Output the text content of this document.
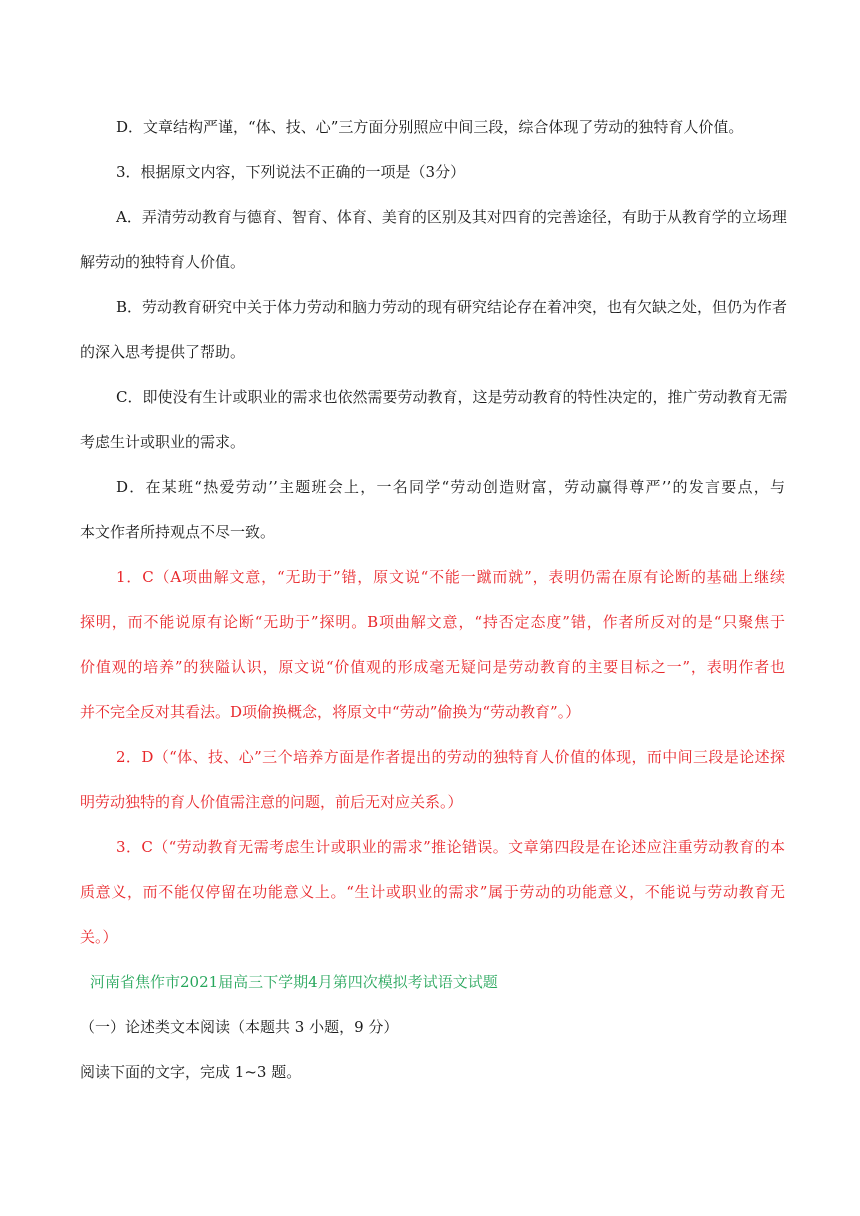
D．文章结构严谨，“体、技、心”三方面分别照应中间三段，综合体现了劳动的独特育人价值。
3．根据原文内容，下列说法不正确的一项是（3分）
A．弄清劳动教育与德育、智育、体育、美育的区别及其对四育的完善途径，有助于从教育学的立场理
解劳动的独特育人价值。
B．劳动教育研究中关于体力劳动和脑力劳动的现有研究结论存在着冲突，也有欠缺之处，但仍为作者
的深入思考提供了帮助。
C．即使没有生计或职业的需求也依然需要劳动教育，这是劳动教育的特性决定的，推广劳动教育无需
考虑生计或职业的需求。
D．在某班“热爱劳动’’主题班会上，一名同学“劳动创造财富，劳动赢得尊严’’的发言要点，与
本文作者所持观点不尽一致。
1．C（A项曲解文意，“无助于”错，原文说“不能一蹴而就”，表明仍需在原有论断的基础上继续
探明，而不能说原有论断“无助于”探明。B项曲解文意，“持否定态度”错，作者所反对的是“只聚焦于
价值观的培养”的狭隘认识，原文说“价值观的形成毫无疑问是劳动教育的主要目标之一”，表明作者也
并不完全反对其看法。D项偷换概念，将原文中“劳动”偷换为“劳动教育”。）
2．D（“体、技、心”三个培养方面是作者提出的劳动的独特育人价值的体现，而中间三段是论述探
明劳动独特的育人价值需注意的问题，前后无对应关系。）
3．C（“劳动教育无需考虑生计或职业的需求”推论错误。文章第四段是在论述应注重劳动教育的本
质意义，而不能仅停留在功能意义上。“生计或职业的需求”属于劳动的功能意义，不能说与劳动教育无
关。）
河南省焦作市2021届高三下学期4月第四次模拟考试语文试题
（一）论述类文本阅读（本题共 3 小题，9 分）
阅读下面的文字，完成 1~3 题。
